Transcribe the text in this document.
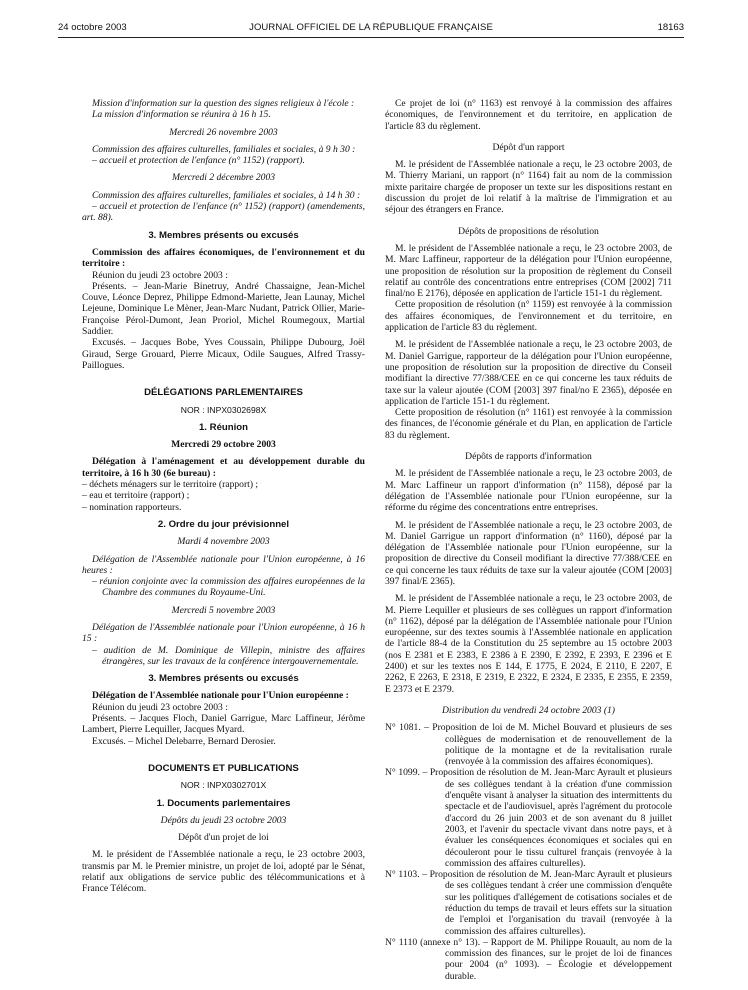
24 octobre 2003	JOURNAL OFFICIEL DE LA RÉPUBLIQUE FRANÇAISE	18163

Mission d'information sur la question des signes religieux à l'école :

La mission d'information se réunira à 16 h 15.

Mercredi 26 novembre 2003

Commission des affaires culturelles, familiales et sociales, à 9 h 30 :

– accueil et protection de l'enfance (n° 1152) (rapport).

Mercredi 2 décembre 2003

Commission des affaires culturelles, familiales et sociales, à 14 h 30 :

– accueil et protection de l'enfance (n° 1152) (rapport) (amendements, art. 88).

3. Membres présents ou excusés

Commission des affaires économiques, de l'environnement et du territoire :

Réunion du jeudi 23 octobre 2003 :

Présents. – Jean-Marie Binetruy, André Chassaigne, Jean-Michel Couve, Léonce Deprez, Philippe Edmond-Mariette, Jean Launay, Michel Lejeune, Dominique Le Mèner, Jean-Marc Nudant, Patrick Ollier, Marie-Françoise Pérol-Dumont, Jean Proriol, Michel Roumegoux, Martial Saddier.

Excusés. – Jacques Bobe, Yves Coussain, Philippe Dubourg, Joël Giraud, Serge Grouard, Pierre Micaux, Odile Saugues, Alfred Trassy-Paillogues.

DÉLÉGATIONS PARLEMENTAIRES

NOR : INPX0302698X

1. Réunion

Mercredi 29 octobre 2003

Délégation à l'aménagement et au développement durable du territoire, à 16 h 30 (6e bureau) :

– déchets ménagers sur le territoire (rapport) ;

– eau et territoire (rapport) ;

– nomination rapporteurs.

2. Ordre du jour prévisionnel

Mardi 4 novembre 2003

Délégation de l'Assemblée nationale pour l'Union européenne, à 16 heures :

– réunion conjointe avec la commission des affaires européennes de la Chambre des communes du Royaume-Uni.

Mercredi 5 novembre 2003

Délégation de l'Assemblée nationale pour l'Union européenne, à 16 h 15 :

– audition de M. Dominique de Villepin, ministre des affaires étrangères, sur les travaux de la conférence intergouvernementale.

3. Membres présents ou excusés

Délégation de l'Assemblée nationale pour l'Union européenne :

Réunion du jeudi 23 octobre 2003 :

Présents. – Jacques Floch, Daniel Garrigue, Marc Laffineur, Jérôme Lambert, Pierre Lequiller, Jacques Myard.

Excusés. – Michel Delebarre, Bernard Derosier.

DOCUMENTS ET PUBLICATIONS

NOR : INPX0302701X

1. Documents parlementaires

Dépôts du jeudi 23 octobre 2003

Dépôt d'un projet de loi

M. le président de l'Assemblée nationale a reçu, le 23 octobre 2003, transmis par M. le Premier ministre, un projet de loi, adopté par le Sénat, relatif aux obligations de service public des télécommunications et à France Télécom.

Ce projet de loi (n° 1163) est renvoyé à la commission des affaires économiques, de l'environnement et du territoire, en application de l'article 83 du règlement.

Dépôt d'un rapport

M. le président de l'Assemblée nationale a reçu, le 23 octobre 2003, de M. Thierry Mariani, un rapport (n° 1164) fait au nom de la commission mixte paritaire chargée de proposer un texte sur les dispositions restant en discussion du projet de loi relatif à la maîtrise de l'immigration et au séjour des étrangers en France.

Dépôts de propositions de résolution

M. le président de l'Assemblée nationale a reçu, le 23 octobre 2003, de M. Marc Laffineur, rapporteur de la délégation pour l'Union européenne, une proposition de résolution sur la proposition de règlement du Conseil relatif au contrôle des concentrations entre entreprises (COM [2002] 711 final/no E 2176), déposée en application de l'article 151-1 du règlement.

Cette proposition de résolution (n° 1159) est renvoyée à la commission des affaires économiques, de l'environnement et du territoire, en application de l'article 83 du règlement.

M. le président de l'Assemblée nationale a reçu, le 23 octobre 2003, de M. Daniel Garrigue, rapporteur de la délégation pour l'Union européenne, une proposition de résolution sur la proposition de directive du Conseil modifiant la directive 77/388/CEE en ce qui concerne les taux réduits de taxe sur la valeur ajoutée (COM [2003] 397 final/no E 2365), déposée en application de l'article 151-1 du règlement.

Cette proposition de résolution (n° 1161) est renvoyée à la commission des finances, de l'économie générale et du Plan, en application de l'article 83 du règlement.

Dépôts de rapports d'information

M. le président de l'Assemblée nationale a reçu, le 23 octobre 2003, de M. Marc Laffineur un rapport d'information (n° 1158), déposé par la délégation de l'Assemblée nationale pour l'Union européenne, sur la réforme du régime des concentrations entre entreprises.

M. le président de l'Assemblée nationale a reçu, le 23 octobre 2003, de M. Daniel Garrigue un rapport d'information (n° 1160), déposé par la délégation de l'Assemblée nationale pour l'Union européenne, sur la proposition de directive du Conseil modifiant la directive 77/388/CEE en ce qui concerne les taux réduits de taxe sur la valeur ajoutée (COM [2003] 397 final/E 2365).

M. le président de l'Assemblée nationale a reçu, le 23 octobre 2003, de M. Pierre Lequiller et plusieurs de ses collègues un rapport d'information (n° 1162), déposé par la délégation de l'Assemblée nationale pour l'Union européenne, sur des textes soumis à l'Assemblée nationale en application de l'article 88-4 de la Constitution du 25 septembre au 15 octobre 2003 (nos E 2381 et E 2383, E 2386 à E 2390, E 2392, E 2393, E 2396 et E 2400) et sur les textes nos E 144, E 1775, E 2024, E 2110, E 2207, E 2262, E 2263, E 2318, E 2319, E 2322, E 2324, E 2335, E 2355, E 2359, E 2373 et E 2379.

Distribution du vendredi 24 octobre 2003 (1)

N° 1081. – Proposition de loi de M. Michel Bouvard et plusieurs de ses collègues de modernisation et de renouvellement de la politique de la montagne et de la revitalisation rurale (renvoyée à la commission des affaires économiques).

N° 1099. – Proposition de résolution de M. Jean-Marc Ayrault et plusieurs de ses collègues tendant à la création d'une commission d'enquête visant à analyser la situation des intermittents du spectacle et de l'audiovisuel, après l'agrément du protocole d'accord du 26 juin 2003 et de son avenant du 8 juillet 2003, et l'avenir du spectacle vivant dans notre pays, et à évaluer les conséquences économiques et sociales qui en découleront pour le tissu culturel français (renvoyée à la commission des affaires culturelles).

N° 1103. – Proposition de résolution de M. Jean-Marc Ayrault et plusieurs de ses collègues tendant à créer une commission d'enquête sur les politiques d'allégement de cotisations sociales et de réduction du temps de travail et leurs effets sur la situation de l'emploi et l'organisation du travail (renvoyée à la commission des affaires culturelles).

N° 1110 (annexe n° 13). – Rapport de M. Philippe Rouault, au nom de la commission des finances, sur le projet de loi de finances pour 2004 (n° 1093). – Écologie et développement durable.
